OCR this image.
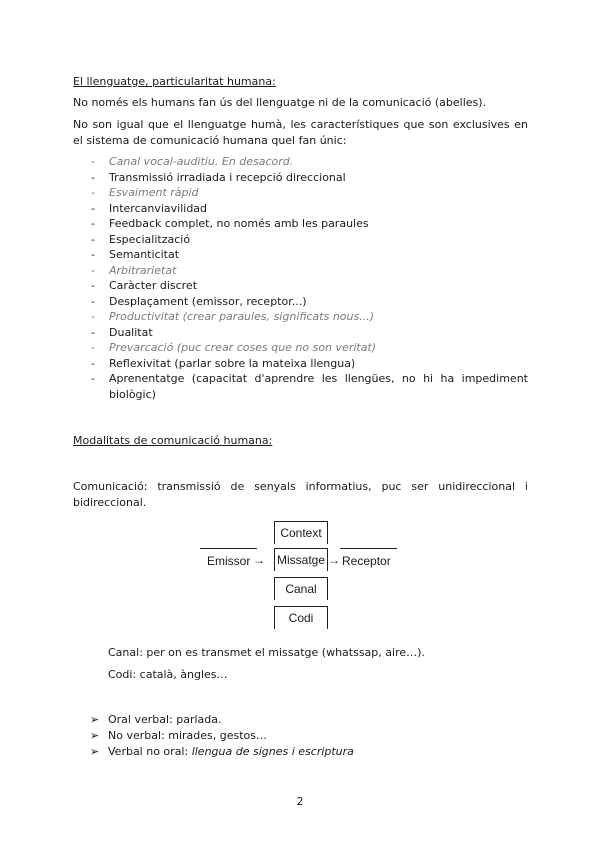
El llenguatge, particularitat humana:
No només els humans fan ús del llenguatge ni de la comunicació (abelles).
No son igual que el llenguatge humà, les característiques que son exclusives en el sistema de comunicació humana quel fan únic:
- Canal vocal-auditiu. En desacord.
- Transmissió irradiada i recepció direccional
- Esvaiment ràpid
- Intercanviavilidad
- Feedback complet, no només amb les paraules
- Especialització
- Semanticitat
- Arbitrarietat
- Caràcter discret
- Desplaçament (emissor, receptor...)
- Productivitat (crear paraules, significats nous...)
- Dualitat
- Prevarcació (puc crear coses que no son veritat)
- Reflexivitat (parlar sobre la mateixa llengua)
- Aprenentatge (capacitat d'aprendre les llengües, no hi ha impediment biològic)
Modalitats de comunicació humana:
Comunicació: transmissió de senyals informatius, puc ser unidireccional i bidireccional.
Context
Emissor → Missatge → Receptor
Canal
Codi
Canal: per on es transmet el missatge (whatssap, aire…).
Codi: català, àngles…
➢ Oral verbal: parlada.
➢ No verbal: mirades, gestos…
➢ Verbal no oral: llengua de signes i escriptura
2
